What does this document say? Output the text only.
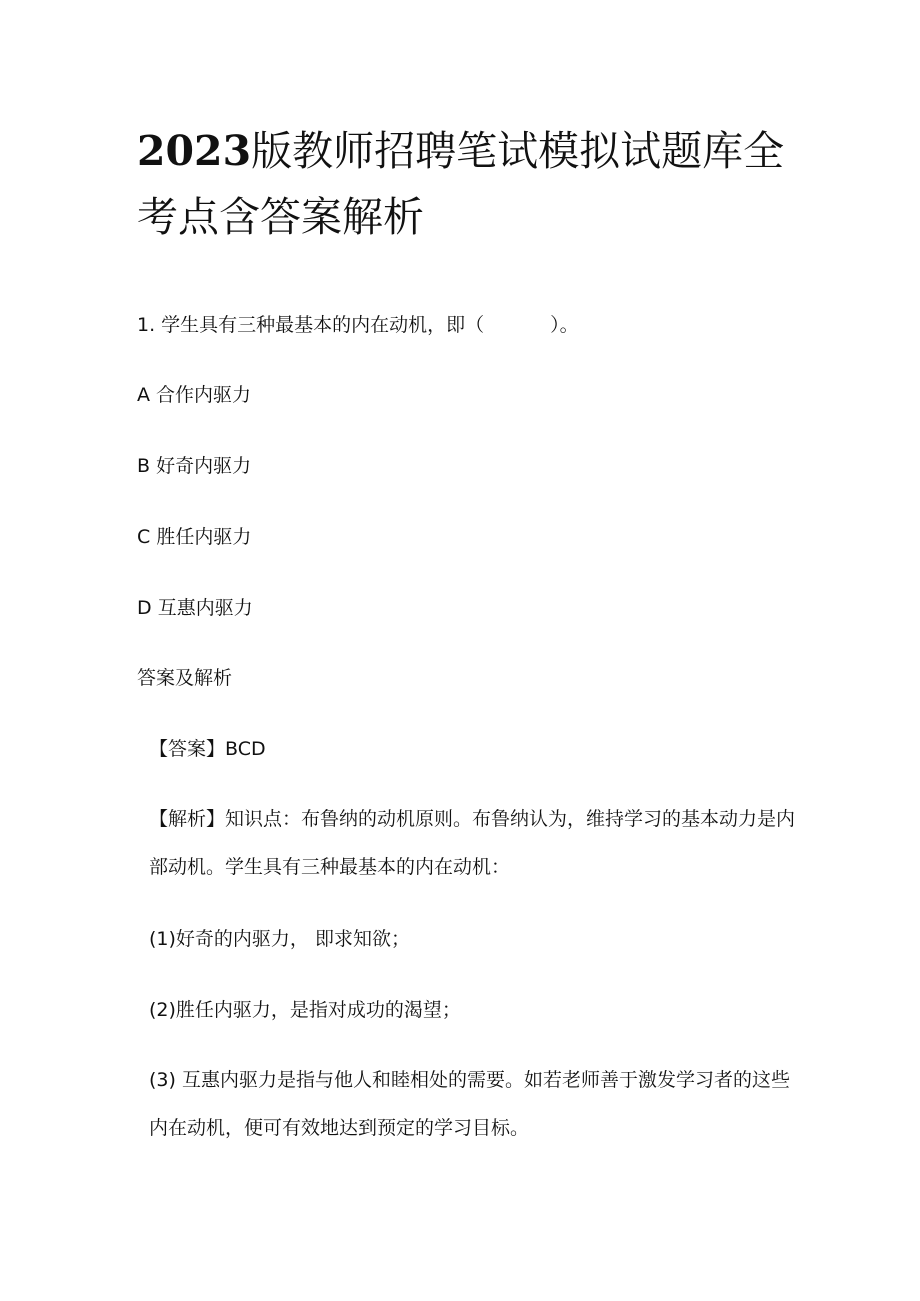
2023版教师招聘笔试模拟试题库全考点含答案解析

1. 学生具有三种最基本的内在动机，即（	）。

A 合作内驱力

B 好奇内驱力

C 胜任内驱力

D 互惠内驱力

答案及解析

【答案】BCD

【解析】知识点：布鲁纳的动机原则。布鲁纳认为，维持学习的基本动力是内部动机。学生具有三种最基本的内在动机：

(1)好奇的内驱力， 即求知欲；

(2)胜任内驱力，是指对成功的渴望；

(3) 互惠内驱力是指与他人和睦相处的需要。如若老师善于激发学习者的这些内在动机，便可有效地达到预定的学习目标。
